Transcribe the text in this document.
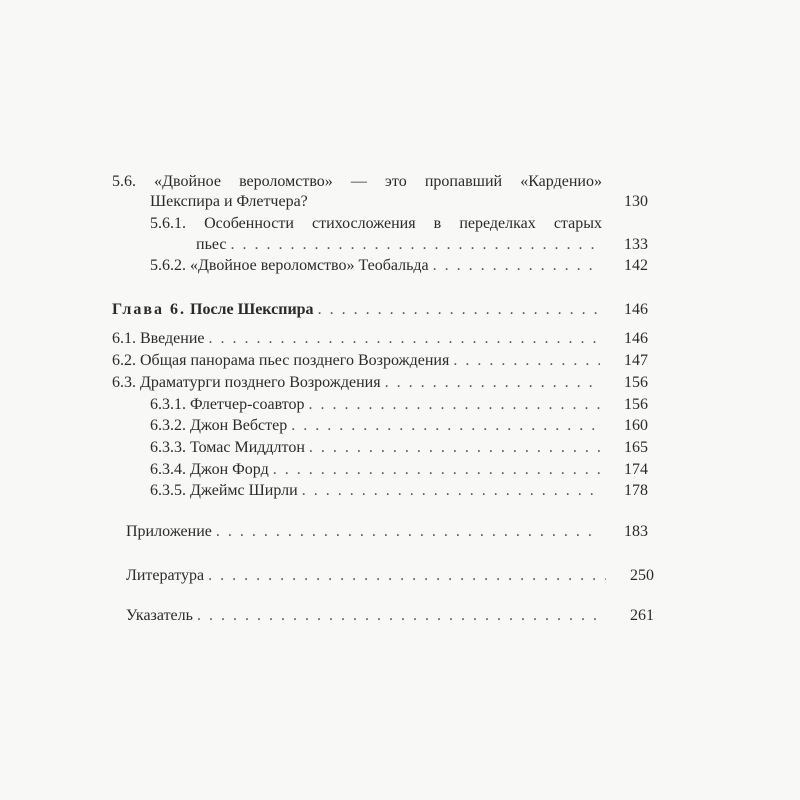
5.6. «Двойное вероломство» — это пропавший «Карденио»
Шекспира и Флетчера?	130
5.6.1. Особенности стихосложения в переделках старых
пьес . . .	133
5.6.2. «Двойное вероломство» Теобальда . . .	142
Глава 6. После Шекспира . . .	146
6.1. Введение . . .	146
6.2. Общая панорама пьес позднего Возрождения . . .	147
6.3. Драматурги позднего Возрождения . . .	156
6.3.1. Флетчер-соавтор . . .	156
6.3.2. Джон Вебстер . . .	160
6.3.3. Томас Миддлтон . . .	165
6.3.4. Джон Форд . . .	174
6.3.5. Джеймс Ширли . . .	178
Приложение . . .	183
Литература . . .	250
Указатель . . .	261
